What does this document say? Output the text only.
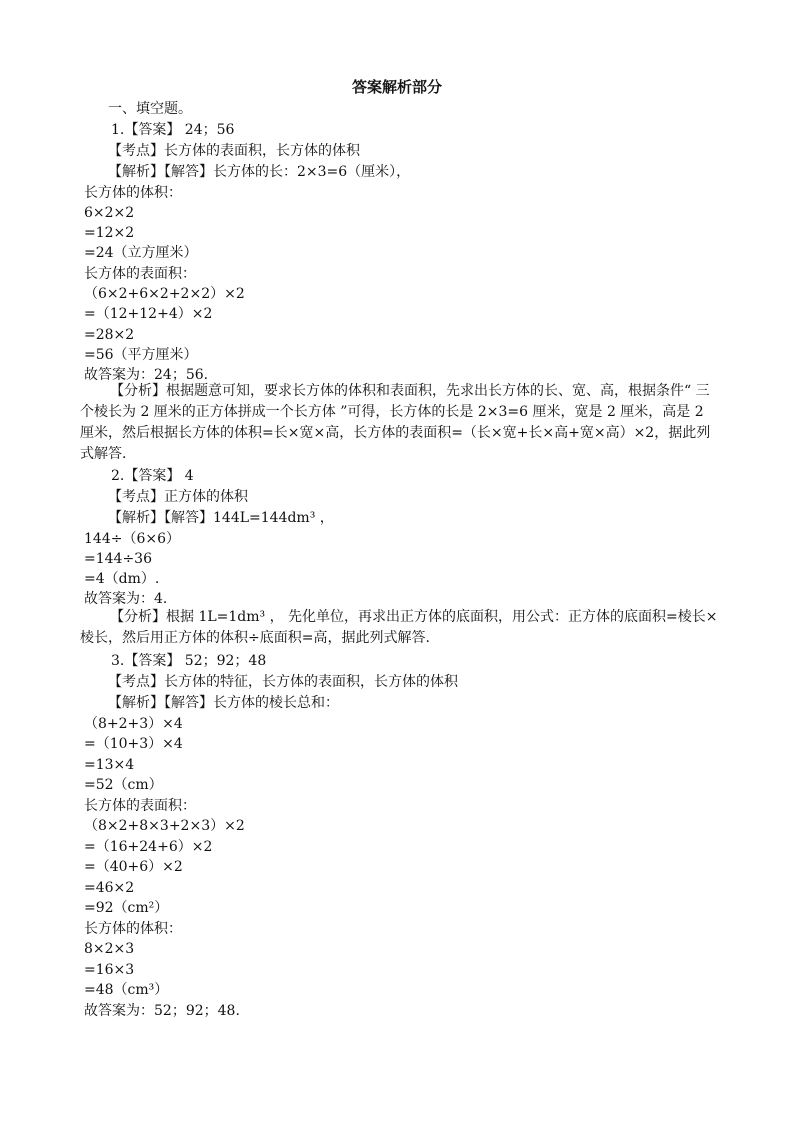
答案解析部分
一、填空题。
1.【答案】 24；56
【考点】长方体的表面积，长方体的体积
【解析】【解答】长方体的长：2×3=6（厘米），
长方体的体积：
6×2×2
=12×2
=24（立方厘米）
长方体的表面积：
（6×2+6×2+2×2）×2
=（12+12+4）×2
=28×2
=56（平方厘米）
故答案为：24；56.
【分析】根据题意可知，要求长方体的体积和表面积，先求出长方体的长、宽、高，根据条件“ 三个棱长为 2 厘米的正方体拼成一个长方体 ”可得，长方体的长是 2×3=6 厘米，宽是 2 厘米，高是 2 厘米，然后根据长方体的体积=长×宽×高，长方体的表面积=（长×宽+长×高+宽×高）×2，据此列式解答.
2.【答案】 4
【考点】正方体的体积
【解析】【解答】144L=144dm³ ，
144÷（6×6）
=144÷36
=4（dm）.
故答案为：4.
【分析】根据 1L=1dm³ ， 先化单位，再求出正方体的底面积，用公式：正方体的底面积=棱长×棱长，然后用正方体的体积÷底面积=高，据此列式解答.
3.【答案】 52；92；48
【考点】长方体的特征，长方体的表面积，长方体的体积
【解析】【解答】长方体的棱长总和：
（8+2+3）×4
=（10+3）×4
=13×4
=52（cm）
长方体的表面积：
（8×2+8×3+2×3）×2
=（16+24+6）×2
=（40+6）×2
=46×2
=92（cm²）
长方体的体积：
8×2×3
=16×3
=48（cm³）
故答案为：52；92；48.
